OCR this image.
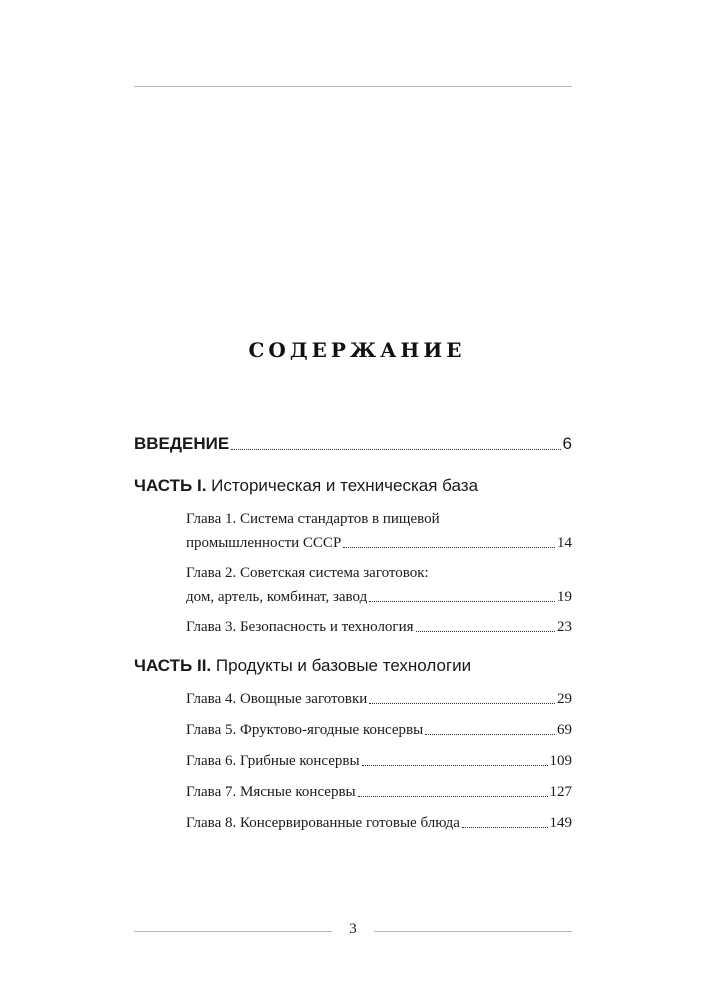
СОДЕРЖАНИЕ
ВВЕДЕНИЕ	6
ЧАСТЬ I.
Историческая и техническая база
Глава 1. Система стандартов в пищевой
промышленности СССР	14
Глава 2. Советская система заготовок:
дом, артель, комбинат, завод	19
Глава 3. Безопасность и технология	23
ЧАСТЬ II.
Продукты и базовые технологии
Глава 4. Овощные заготовки	29
Глава 5. Фруктово-ягодные консервы	69
Глава 6. Грибные консервы	109
Глава 7. Мясные консервы	127
Глава 8. Консервированные готовые блюда	149
3
